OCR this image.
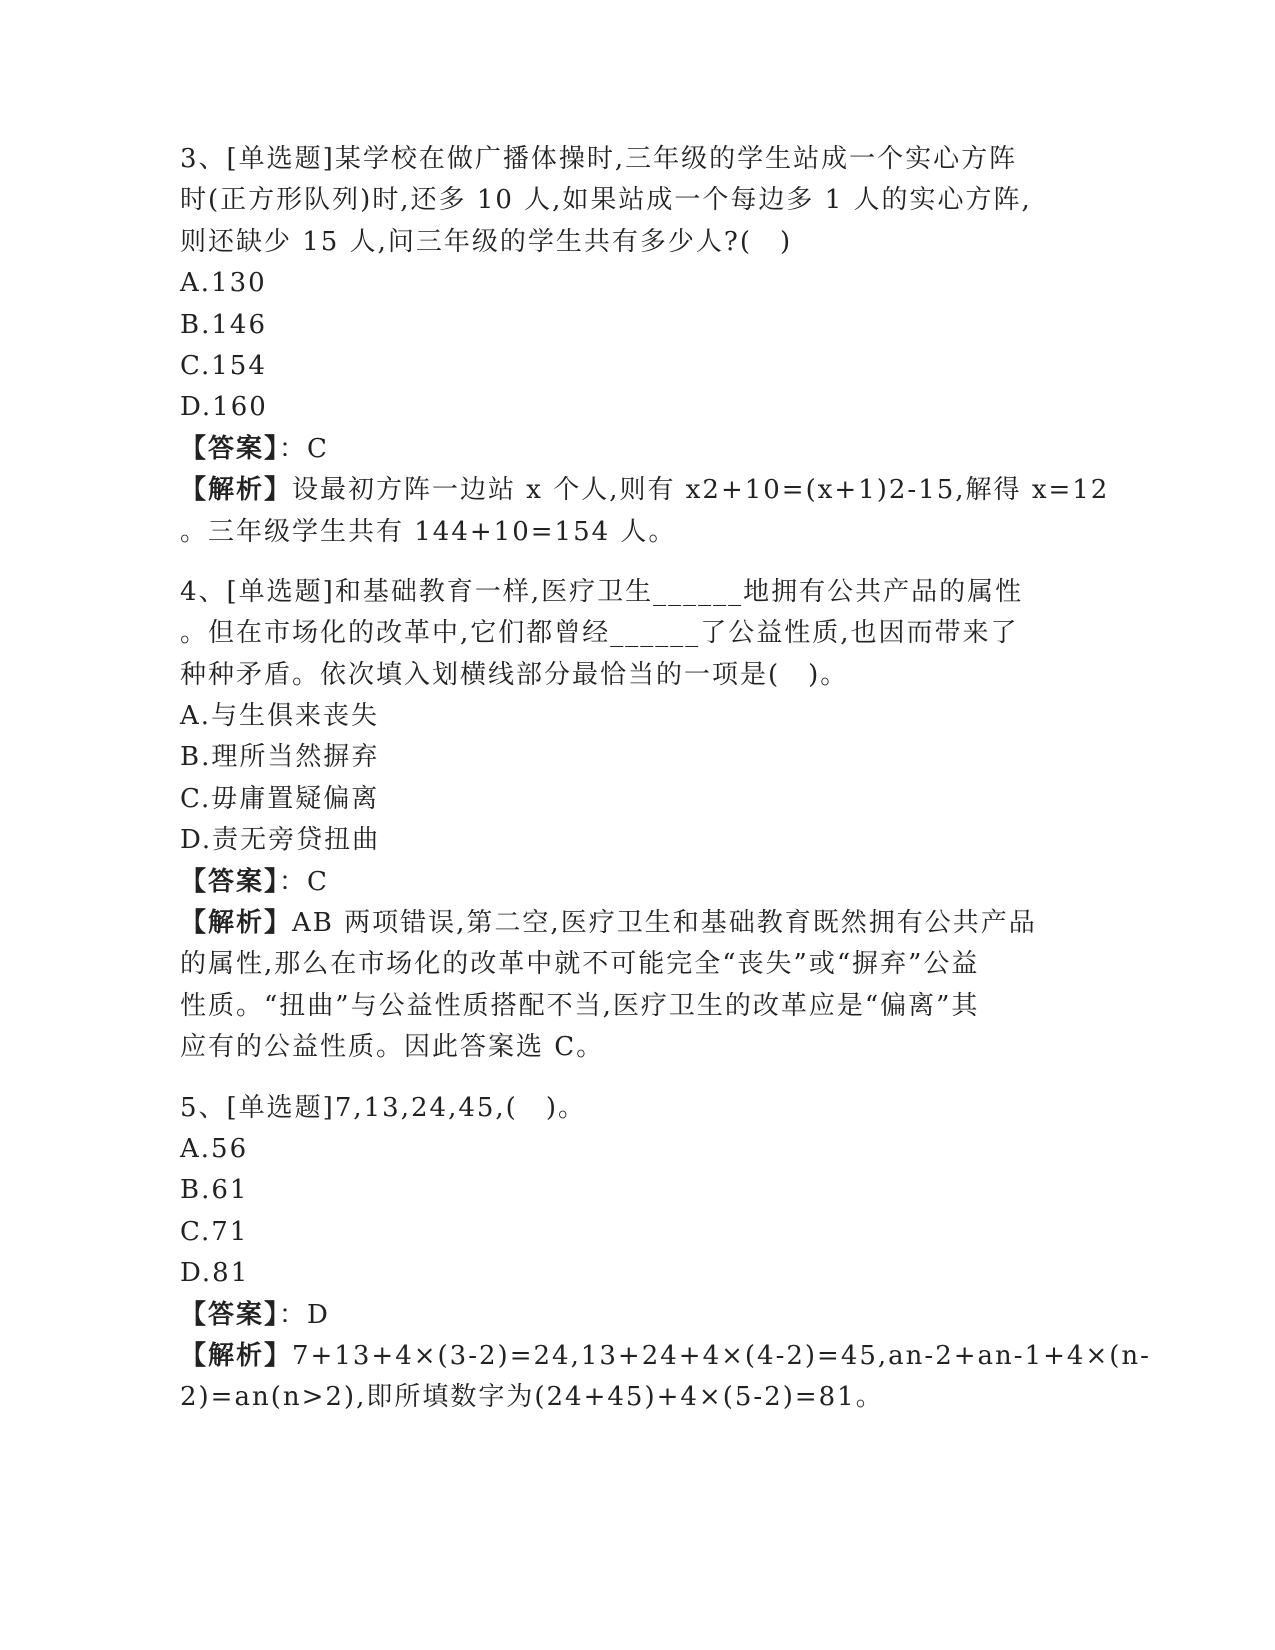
3、[单选题]某学校在做广播体操时,三年级的学生站成一个实心方阵
时(正方形队列)时,还多 10 人,如果站成一个每边多 1 人的实心方阵,
则还缺少 15 人,问三年级的学生共有多少人?(　)
A.130
B.146
C.154
D.160
【答案】：C
【解析】设最初方阵一边站 x 个人,则有 x2+10=(x+1)2-15,解得 x=12
。三年级学生共有 144+10=154 人。
4、[单选题]和基础教育一样,医疗卫生______地拥有公共产品的属性
。但在市场化的改革中,它们都曾经______了公益性质,也因而带来了
种种矛盾。依次填入划横线部分最恰当的一项是(　)。
A.与生俱来丧失
B.理所当然摒弃
C.毋庸置疑偏离
D.责无旁贷扭曲
【答案】：C
【解析】AB 两项错误,第二空,医疗卫生和基础教育既然拥有公共产品
的属性,那么在市场化的改革中就不可能完全“丧失”或“摒弃”公益
性质。“扭曲”与公益性质搭配不当,医疗卫生的改革应是“偏离”其
应有的公益性质。因此答案选 C。
5、[单选题]7,13,24,45,(　)。
A.56
B.61
C.71
D.81
【答案】：D
【解析】7+13+4×(3-2)=24,13+24+4×(4-2)=45,an-2+an-1+4×(n-
2)=an(n>2),即所填数字为(24+45)+4×(5-2)=81。
